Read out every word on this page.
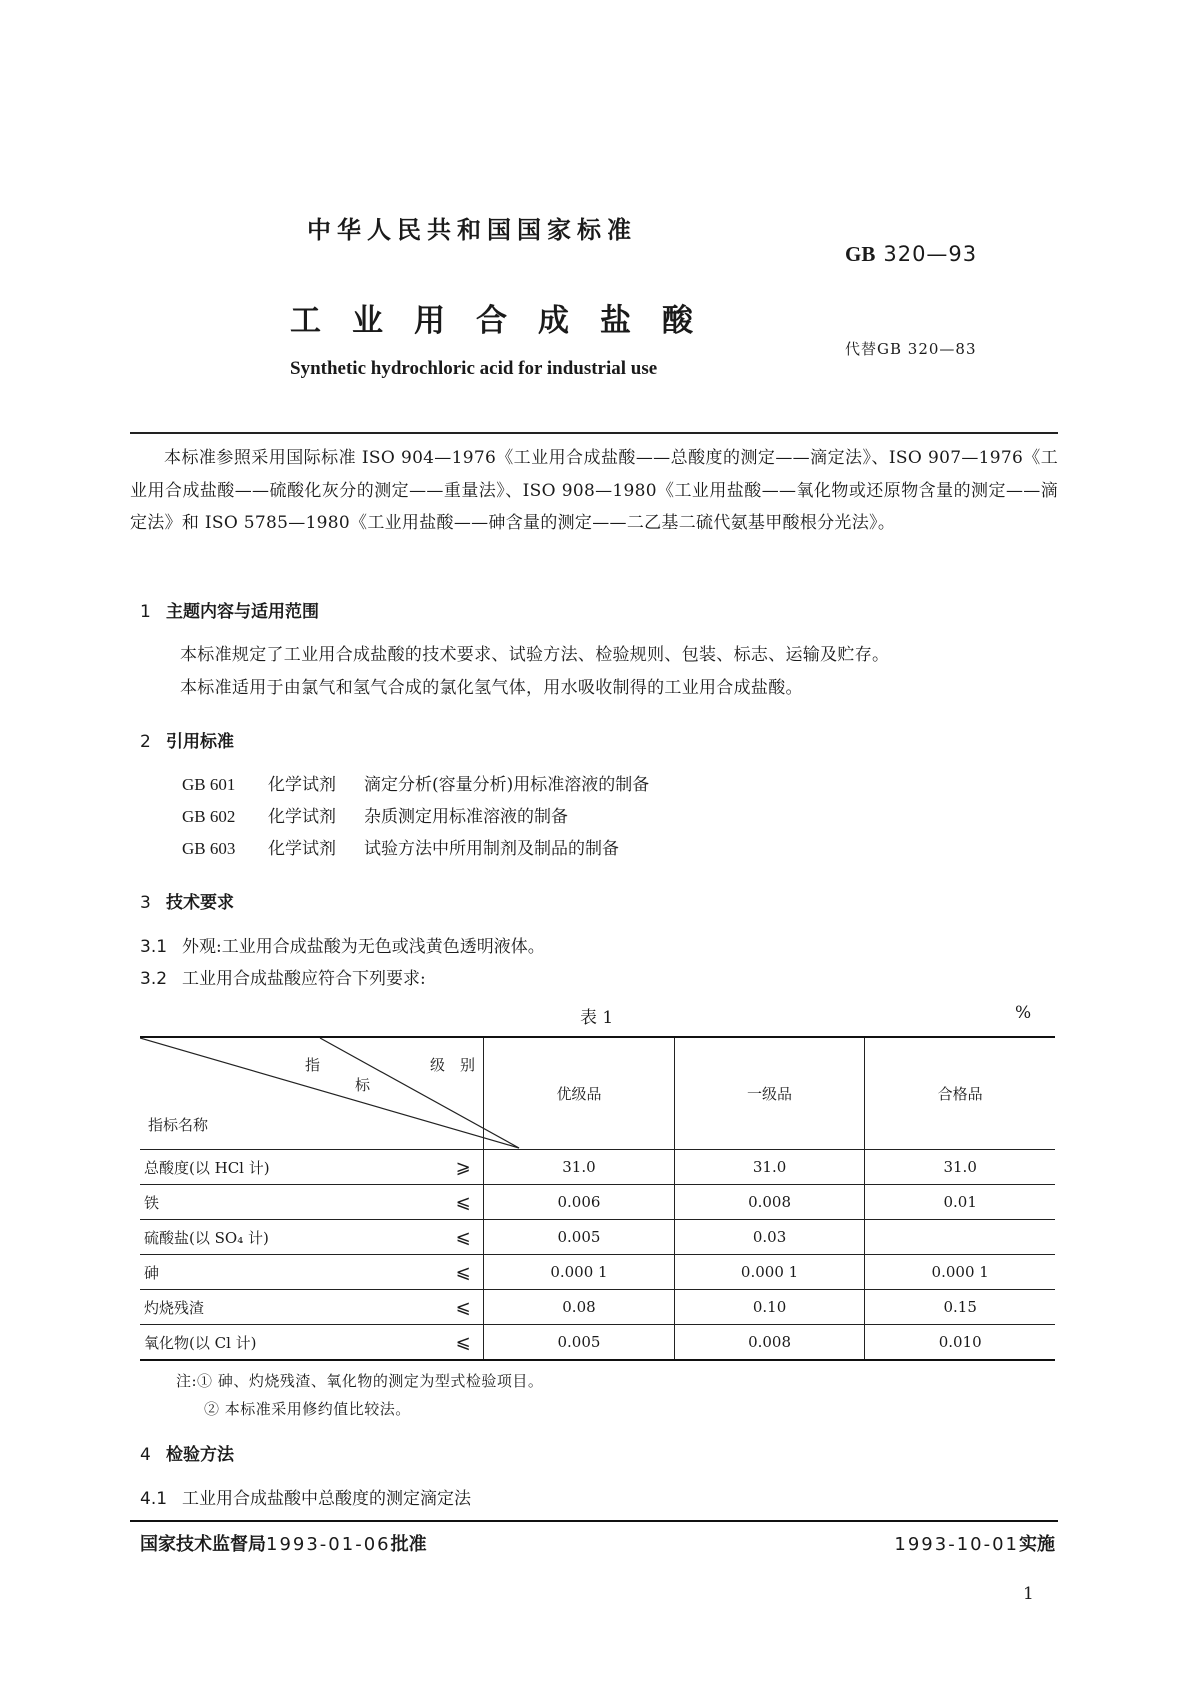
中华人民共和国国家标准
GB 320—93
工业用合成盐酸
代替GB 320—83
Synthetic hydrochloric acid for industrial use
本标准参照采用国际标准 ISO 904—1976《工业用合成盐酸——总酸度的测定——滴定法》、ISO 907—1976《工业用合成盐酸——硫酸化灰分的测定——重量法》、ISO 908—1980《工业用盐酸——氧化物或还原物含量的测定——滴定法》和 ISO 5785—1980《工业用盐酸——砷含量的测定——二乙基二硫代氨基甲酸根分光法》。
1 主题内容与适用范围
本标准规定了工业用合成盐酸的技术要求、试验方法、检验规则、包装、标志、运输及贮存。
本标准适用于由氯气和氢气合成的氯化氢气体，用水吸收制得的工业用合成盐酸。
2 引用标准
GB 601 化学试剂 滴定分析(容量分析)用标准溶液的制备
GB 602 化学试剂 杂质测定用标准溶液的制备
GB 603 化学试剂 试验方法中所用制剂及制品的制备
3 技术要求
3.1 外观:工业用合成盐酸为无色或浅黄色透明液体。
3.2 工业用合成盐酸应符合下列要求:
表 1	%
指
标
级　别
指标名称		优级品	一级品	合格品
总酸度(以 HCl 计)	⩾	31.0	31.0	31.0
铁	⩽	0.006	0.008	0.01
硫酸盐(以 SO₄ 计)	⩽	0.005	0.03	
砷	⩽	0.000 1	0.000 1	0.000 1
灼烧残渣	⩽	0.08	0.10	0.15
氧化物(以 Cl 计)	⩽	0.005	0.008	0.010
注:① 砷、灼烧残渣、氧化物的测定为型式检验项目。
② 本标准采用修约值比较法。
4 检验方法
4.1 工业用合成盐酸中总酸度的测定滴定法
国家技术监督局1993-01-06批准	1993-10-01实施
1
